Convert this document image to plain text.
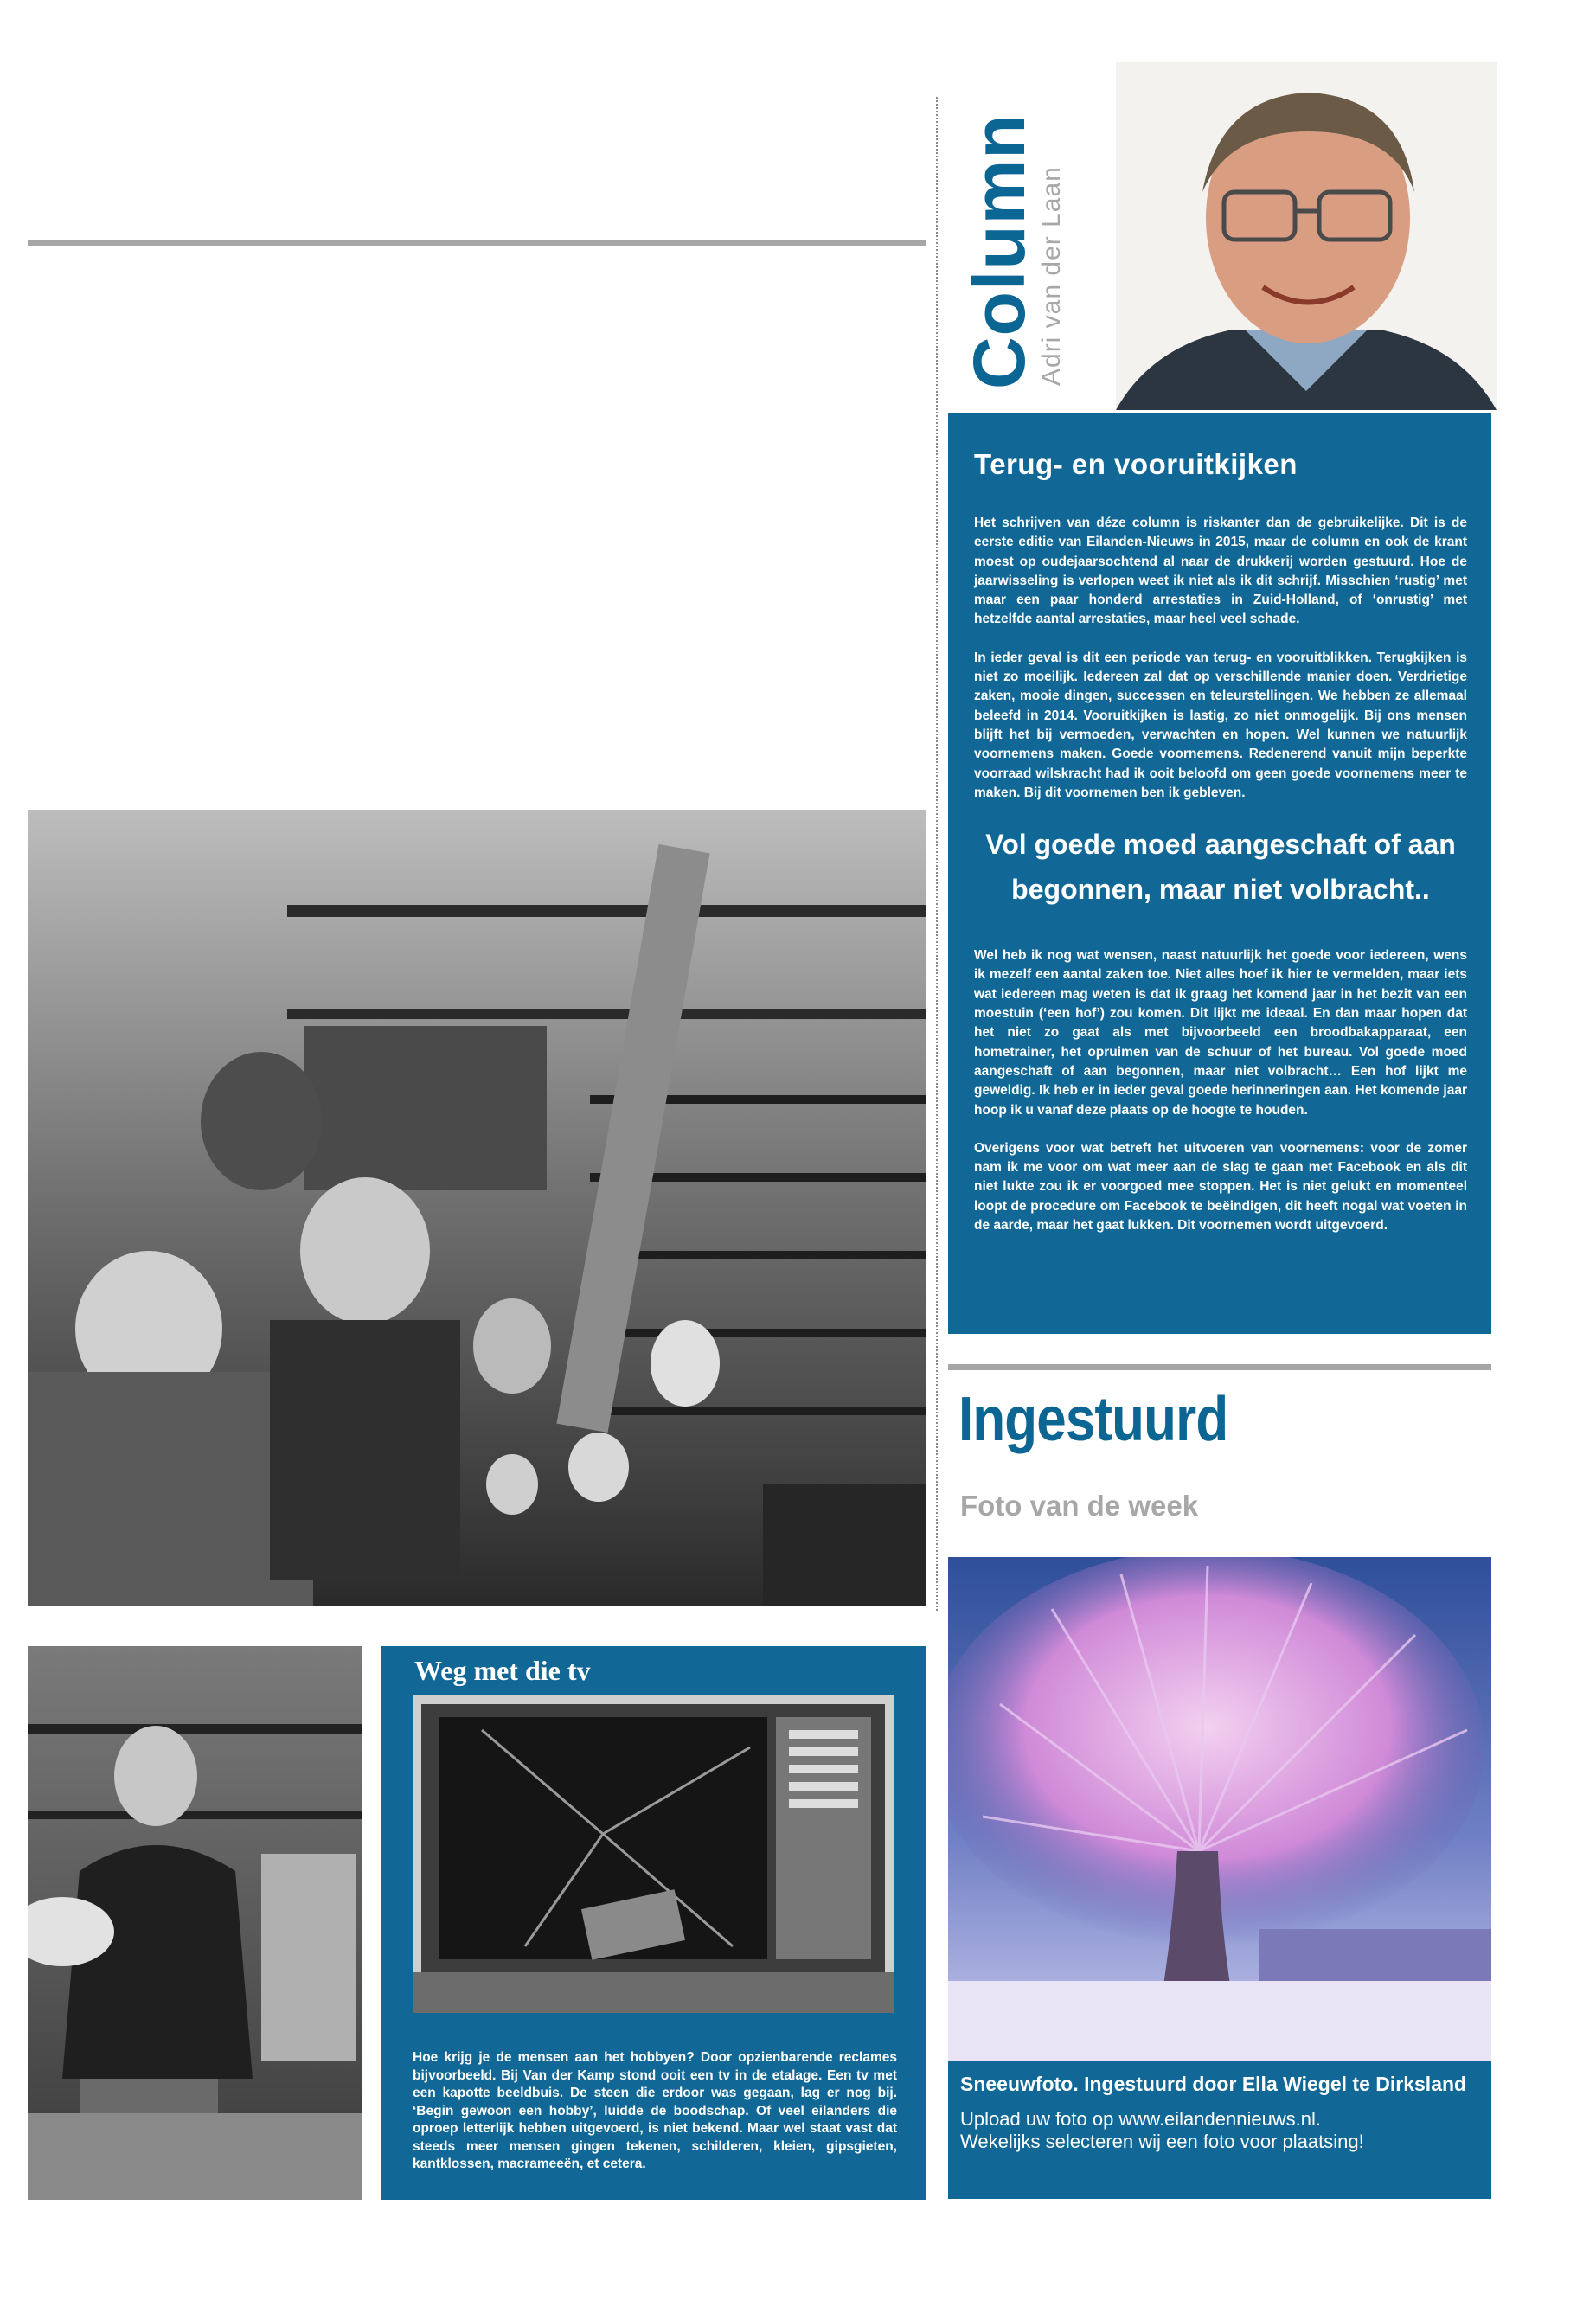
Weg met die tv
Hoe krijg je de mensen aan het hobbyen? Door opzienbarende reclames bijvoorbeeld. Bij Van der Kamp stond ooit een tv in de etalage. Een tv met een kapotte beeldbuis. De steen die erdoor was gegaan, lag er nog bij. ‘Begin gewoon een hobby’, luidde de boodschap. Of veel eilanders die oproep letterlijk hebben uitgevoerd, is niet bekend. Maar wel staat vast dat steeds meer mensen gingen tekenen, schilderen, kleien, gipsgieten, kantklossen, macrameeën, et cetera.
Column
Adri van der Laan
Terug- en vooruitkijken

Het schrijven van déze column is riskanter dan de gebruikelijke. Dit is de eerste editie van Eilanden-Nieuws in 2015, maar de column en ook de krant moest op oudejaarsochtend al naar de drukkerij worden gestuurd. Hoe de jaarwisseling is verlopen weet ik niet als ik dit schrijf. Misschien ‘rustig’ met maar een paar honderd arrestaties in Zuid-Holland, of ‘onrustig’ met hetzelfde aantal arrestaties, maar heel veel schade.

In ieder geval is dit een periode van terug- en vooruitblikken. Terugkijken is niet zo moeilijk. Iedereen zal dat op verschillende manier doen. Verdrietige zaken, mooie dingen, successen en teleurstellingen. We hebben ze allemaal beleefd in 2014. Vooruitkijken is lastig, zo niet onmogelijk. Bij ons mensen blijft het bij vermoeden, verwachten en hopen. Wel kunnen we natuurlijk voornemens maken. Goede voornemens. Redenerend vanuit mijn beperkte voorraad wilskracht had ik ooit beloofd om geen goede voornemens meer te maken. Bij dit voornemen ben ik gebleven.

Vol goede moed aangeschaft of aan begonnen, maar niet volbracht..

Wel heb ik nog wat wensen, naast natuurlijk het goede voor iedereen, wens ik mezelf een aantal zaken toe. Niet alles hoef ik hier te vermelden, maar iets wat iedereen mag weten is dat ik graag het komend jaar in het bezit van een moestuin (‘een hof’) zou komen. Dit lijkt me ideaal. En dan maar hopen dat het niet zo gaat als met bijvoorbeeld een broodbakapparaat, een hometrainer, het opruimen van de schuur of het bureau. Vol goede moed aangeschaft of aan begonnen, maar niet volbracht… Een hof lijkt me geweldig. Ik heb er in ieder geval goede herinneringen aan. Het komende jaar hoop ik u vanaf deze plaats op de hoogte te houden.

Overigens voor wat betreft het uitvoeren van voornemens: voor de zomer nam ik me voor om wat meer aan de slag te gaan met Facebook en als dit niet lukte zou ik er voorgoed mee stoppen. Het is niet gelukt en momenteel loopt de procedure om Facebook te beëindigen, dit heeft nogal wat voeten in de aarde, maar het gaat lukken. Dit voornemen wordt uitgevoerd.

Ingestuurd
Foto van de week

Sneeuwfoto. Ingestuurd door Ella Wiegel te Dirksland

Upload uw foto op www.eilandennieuws.nl.

Wekelijks selecteren wij een foto voor plaatsing!
